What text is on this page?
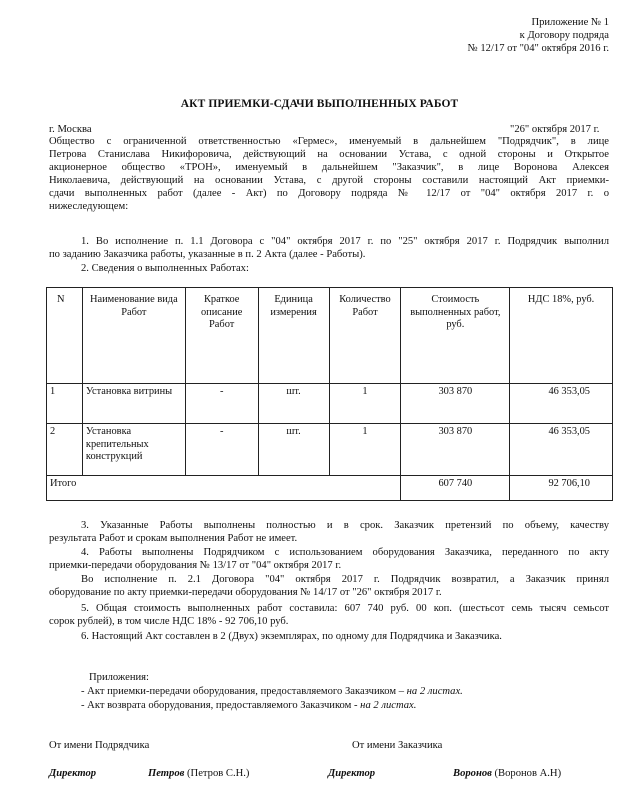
Приложение № 1
к Договору подряда
№ 12/17 от "04" октября 2016 г.
АКТ ПРИЕМКИ-СДАЧИ ВЫПОЛНЕННЫХ РАБОТ
г. Москва	"26" октября 2017 г.
Общество с ограниченной ответственностью «Гермес», именуемый в дальнейшем "Подрядчик", в лице
Петрова Станислава Никифоровича, действующий на основании Устава, с одной стороны и Открытое
акционерное общество «ТРОН», именуемый в дальнейшем "Заказчик", в лице Воронова Алексея
Николаевича, действующий на основании Устава, с другой стороны составили настоящий Акт приемки-
сдачи выполненных работ (далее - Акт) по Договору подряда № 12/17 от "04" октября 2017 г. о
нижеследующем:
1. Во исполнение п. 1.1 Договора с "04" октября 2017 г. по "25" октября 2017 г. Подрядчик выполнил
по заданию Заказчика работы, указанные в п. 2 Акта (далее - Работы).
2. Сведения о выполненных Работах:
N	Наименование вида Работ	Краткое описание Работ	Единица измерения	Количество Работ	Стоимость выполненных работ, руб.	НДС 18%, руб.
1	Установка витрины	-	шт.	1	303 870	46 353,05
2	Установка крепительных конструкций	-	шт.	1	303 870	46 353,05
Итого					607 740	92 706,10
3. Указанные Работы выполнены полностью и в срок. Заказчик претензий по объему, качеству
результата Работ и срокам выполнения Работ не имеет.
4. Работы выполнены Подрядчиком с использованием оборудования Заказчика, переданного по акту
приемки-передачи оборудования № 13/17 от "04" октября 2017 г.
Во исполнение п. 2.1 Договора "04" октября 2017 г. Подрядчик возвратил, а Заказчик принял
оборудование по акту приемки-передачи оборудования № 14/17 от "26" октября 2017 г.
5. Общая стоимость выполненных работ составила: 607 740 руб. 00 коп. (шестьсот семь тысяч семьсот
сорок рублей), в том числе НДС 18% - 92 706,10 руб.
6. Настоящий Акт составлен в 2 (Двух) экземплярах, по одному для Подрядчика и Заказчика.
Приложения:
- Акт приемки-передачи оборудования, предоставляемого Заказчиком – на 2 листах.
- Акт возврата оборудования, предоставляемого Заказчиком - на 2 листах.
От имени Подрядчика	От имени Заказчика
Директор	Петров (Петров С.Н.)	Директор	Воронов (Воронов А.Н)
